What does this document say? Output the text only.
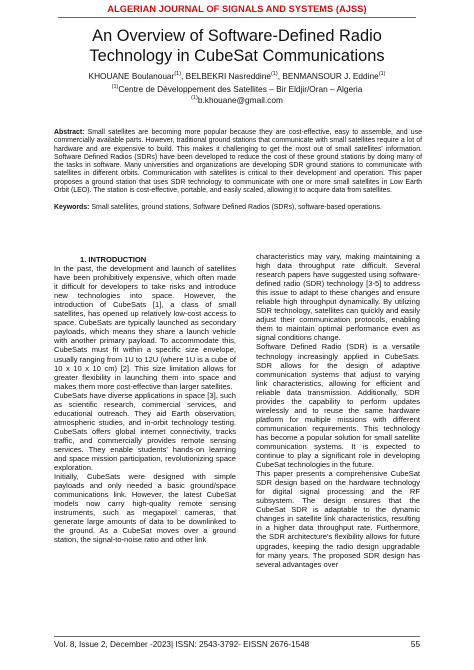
ALGERIAN JOURNAL OF SIGNALS AND SYSTEMS (AJSS)
An Overview of Software-Defined Radio
Technology in CubeSat Communications
KHOUANE Boulanouar$^{(1)}$, BELBEKRI Nasreddine$^{(1)}$, BENMANSOUR J. Eddine$^{(1)}$
$^{(1)}$Centre de Développement des Satellites – Bir Eldjir/Oran – Algeria
$^{(1)}$b.khouane@gmail.com
Abstract: Small satellites are becoming more popular because they are cost-effective, easy to assemble, and use commercially available parts. However, traditional ground stations that communicate with small satellites require a lot of hardware and are expensive to build. This makes it challenging to get the most out of small satellites' information. Software Defined Radios (SDRs) have been developed to reduce the cost of these ground stations by doing many of the tasks in software. Many universities and organizations are developing SDR ground stations to communicate with satellites in different orbits. Communication with satellites is critical to their development and operation. This paper proposes a ground station that uses SDR technology to communicate with one or more small satellites in Low Earth Orbit (LEO). The station is cost-effective, portable, and easily scaled, allowing it to acquire data from satellites.
Keywords: Small satellites, ground stations, Software Defined Radios (SDRs), software-based operations.

1. INTRODUCTION

In the past, the development and launch of satellites have been prohibitively expensive, which often made it difficult for developers to take risks and introduce new technologies into space. However, the introduction of CubeSats [1], a class of small satellites, has opened up relatively low-cost access to space. CubeSats are typically launched as secondary payloads, which means they share a launch vehicle with another primary payload. To accommodate this, CubeSats must fit within a specific size envelope, usually ranging from 1U to 12U (where 1U is a cube of 10 x 10 x 10 cm) [2]. This size limitation allows for greater flexibility in launching them into space and makes them more cost-effective than larger satellites.

CubeSats have diverse applications in space [3], such as scientific research, commercial services, and educational outreach. They aid Earth observation, atmospheric studies, and in-orbit technology testing. CubeSats offers global internet connectivity, tracks traffic, and commercially provides remote sensing services. They enable students' hands-on learning and space mission participation, revolutionizing space exploration.

Initially, CubeSats were designed with simple payloads and only needed a basic ground/space communications link. However, the latest CubeSat models now carry high-quality remote sensing instruments, such as megapixel cameras, that generate large amounts of data to be downlinked to the ground. As a CubeSat moves over a ground station, the signal-to-noise ratio and other link

characteristics may vary, making maintaining a high data throughput rate difficult. Several research papers have suggested using software-defined radio (SDR) technology [3-5] to address this issue to adapt to these changes and ensure reliable high throughput dynamically. By utilizing SDR technology, satellites can quickly and easily adjust their communication protocols, enabling them to maintain optimal performance even as signal conditions change.

Software Defined Radio (SDR) is a versatile technology increasingly applied in CubeSats. SDR allows for the design of adaptive communication systems that adjust to varying link characteristics, allowing for efficient and reliable data transmission. Additionally, SDR provides the capability to perform updates wirelessly and to reuse the same hardware platform for multiple missions with different communication requirements. This technology has become a popular solution for small satellite communication systems. It is expected to continue to play a significant role in developing CubeSat technologies in the future.

This paper presents a comprehensive CubeSat SDR design based on the hardware technology for digital signal processing and the RF subsystem. The design ensures that the CubeSat SDR is adaptable to the dynamic changes in satellite link characteristics, resulting in a higher data throughput rate. Furthermore, the SDR architecture's flexibility allows for future upgrades, keeping the radio design upgradable for many years. The proposed SDR design has several advantages over

Vol. 8, Issue 2, December -2023| ISSN: 2543-3792- EISSN 2676-1548	55
